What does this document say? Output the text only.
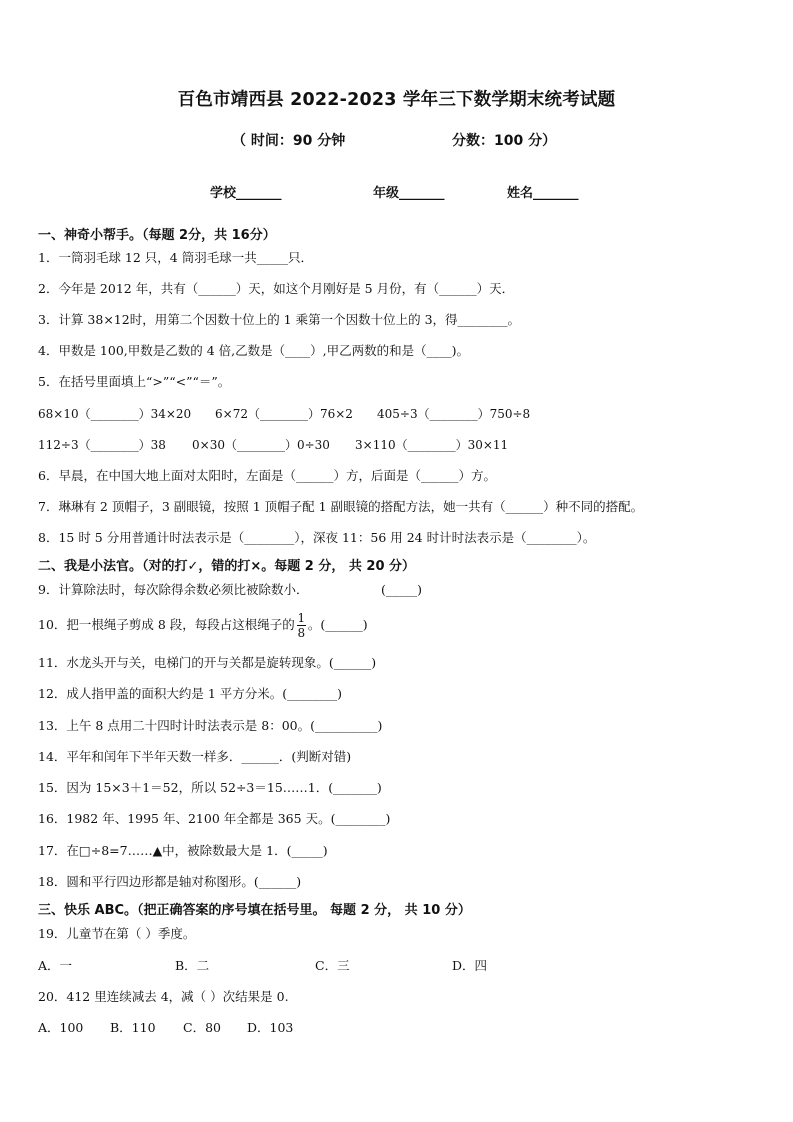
百色市靖西县 2022-2023 学年三下数学期末统考试题
（ 时间：90 分钟	分数：100 分）
学校_______	年级_______	姓名_______
一、神奇小帮手。（每题 2分，共 16分）
1．一筒羽毛球 12 只，4 筒羽毛球一共_____只．
2．今年是 2012 年，共有（______）天，如这个月刚好是 5 月份，有（______）天．
3．计算 38×12时，用第二个因数十位上的 1 乘第一个因数十位上的 3，得________。
4．甲数是 100,甲数是乙数的 4 倍,乙数是（____）,甲乙两数的和是（____)。
5．在括号里面填上“>”“<”“＝”。
68×10（________）34×20 6×72（________）76×2 405÷3（________）750÷8
112÷3（________）38 0×30（________）0÷30 3×110（________）30×11
6．早晨，在中国大地上面对太阳时，左面是（______）方，后面是（______）方。
7．琳琳有 2 顶帽子，3 副眼镜，按照 1 顶帽子配 1 副眼镜的搭配方法，她一共有（______）种不同的搭配。
8．15 时 5 分用普通计时法表示是（________），深夜 11：56 用 24 时计时法表示是（________）。
二、我是小法官。（对的打✓，错的打×。每题 2 分， 共 20 分）
9．计算除法时，每次除得余数必须比被除数小．	(_____)
10．把一根绳子剪成 8 段，每段占这根绳子的 $\frac{1}{8}$ 。(______)
11．水龙头开与关，电梯门的开与关都是旋转现象。(______)
12．成人指甲盖的面积大约是 1 平方分米。(________)
13．上午 8 点用二十四时计时法表示是 8：00。(__________)
14．平年和闰年下半年天数一样多．______．(判断对错)
15．因为 15×3＋1＝52，所以 52÷3＝15……1．(_______)
16．1982 年、1995 年、2100 年全都是 365 天。(________)
17．在□÷8=7……▲中，被除数最大是 1．(_____)
18．圆和平行四边形都是轴对称图形。(______)
三、快乐 ABC。（把正确答案的序号填在括号里。 每题 2 分， 共 10 分）
19．儿童节在第（ ）季度。
A．一	B．二	C．三	D．四
20．412 里连续减去 4，减（ ）次结果是 0.
A．100 B．110 C．80 D．103
